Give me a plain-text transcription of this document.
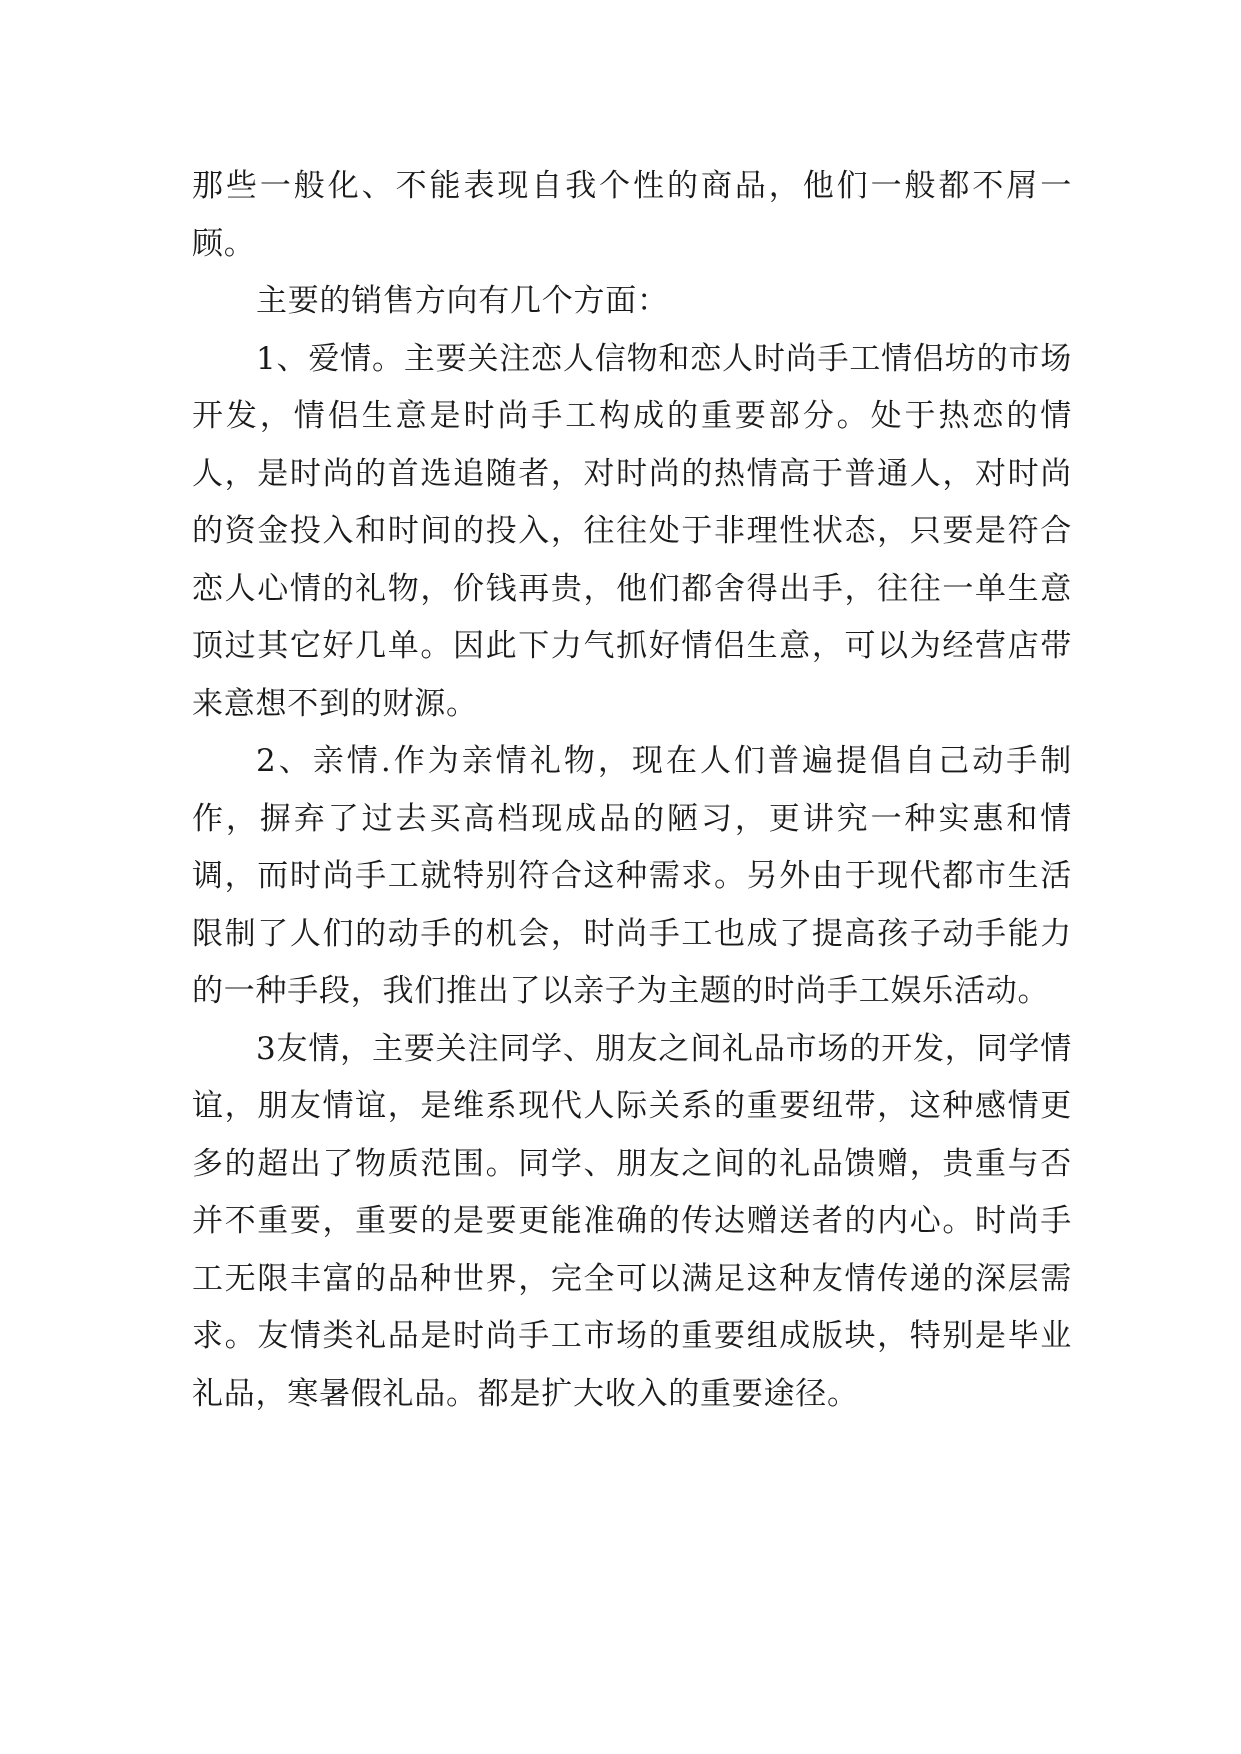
那些一般化、不能表现自我个性的商品，他们一般都不屑一顾。

主要的销售方向有几个方面：

1、爱情。主要关注恋人信物和恋人时尚手工情侣坊的市场开发，情侣生意是时尚手工构成的重要部分。处于热恋的情人，是时尚的首选追随者，对时尚的热情高于普通人，对时尚的资金投入和时间的投入，往往处于非理性状态，只要是符合恋人心情的礼物，价钱再贵，他们都舍得出手，往往一单生意顶过其它好几单。因此下力气抓好情侣生意，可以为经营店带来意想不到的财源。

2、亲情.作为亲情礼物，现在人们普遍提倡自己动手制作，摒弃了过去买高档现成品的陋习，更讲究一种实惠和情调，而时尚手工就特别符合这种需求。另外由于现代都市生活限制了人们的动手的机会，时尚手工也成了提高孩子动手能力的一种手段，我们推出了以亲子为主题的时尚手工娱乐活动。

3友情，主要关注同学、朋友之间礼品市场的开发，同学情谊，朋友情谊，是维系现代人际关系的重要纽带，这种感情更多的超出了物质范围。同学、朋友之间的礼品馈赠，贵重与否并不重要，重要的是要更能准确的传达赠送者的内心。时尚手工无限丰富的品种世界，完全可以满足这种友情传递的深层需求。友情类礼品是时尚手工市场的重要组成版块，特别是毕业礼品，寒暑假礼品。都是扩大收入的重要途径。
